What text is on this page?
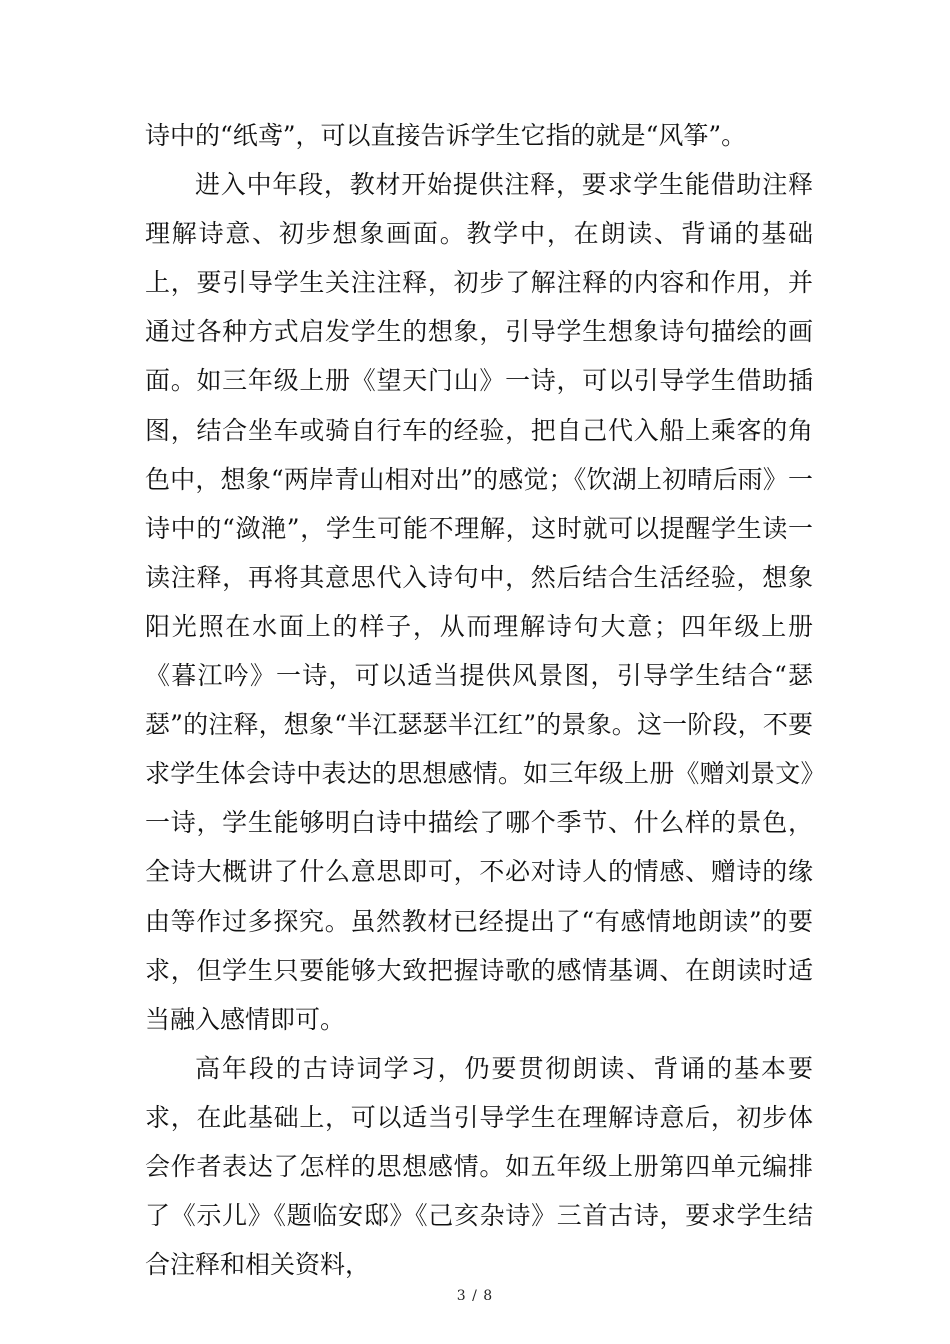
诗中的“纸鸢”，可以直接告诉学生它指的就是“风筝”。

进入中年段，教材开始提供注释，要求学生能借助注释理解诗意、初步想象画面。教学中，在朗读、背诵的基础上，要引导学生关注注释，初步了解注释的内容和作用，并通过各种方式启发学生的想象，引导学生想象诗句描绘的画面。如三年级上册《望天门山》一诗，可以引导学生借助插图，结合坐车或骑自行车的经验，把自己代入船上乘客的角色中，想象“两岸青山相对出”的感觉；《饮湖上初晴后雨》一诗中的“潋滟”，学生可能不理解，这时就可以提醒学生读一读注释，再将其意思代入诗句中，然后结合生活经验，想象阳光照在水面上的样子，从而理解诗句大意；四年级上册《暮江吟》一诗，可以适当提供风景图，引导学生结合“瑟瑟”的注释，想象“半江瑟瑟半江红”的景象。这一阶段，不要求学生体会诗中表达的思想感情。如三年级上册《赠刘景文》一诗，学生能够明白诗中描绘了哪个季节、什么样的景色，全诗大概讲了什么意思即可，不必对诗人的情感、赠诗的缘由等作过多探究。虽然教材已经提出了“有感情地朗读”的要求，但学生只要能够大致把握诗歌的感情基调、在朗读时适当融入感情即可。

高年段的古诗词学习，仍要贯彻朗读、背诵的基本要求，在此基础上，可以适当引导学生在理解诗意后，初步体会作者表达了怎样的思想感情。如五年级上册第四单元编排了《示儿》《题临安邸》《己亥杂诗》三首古诗，要求学生结合注释和相关资料，

3 / 8
